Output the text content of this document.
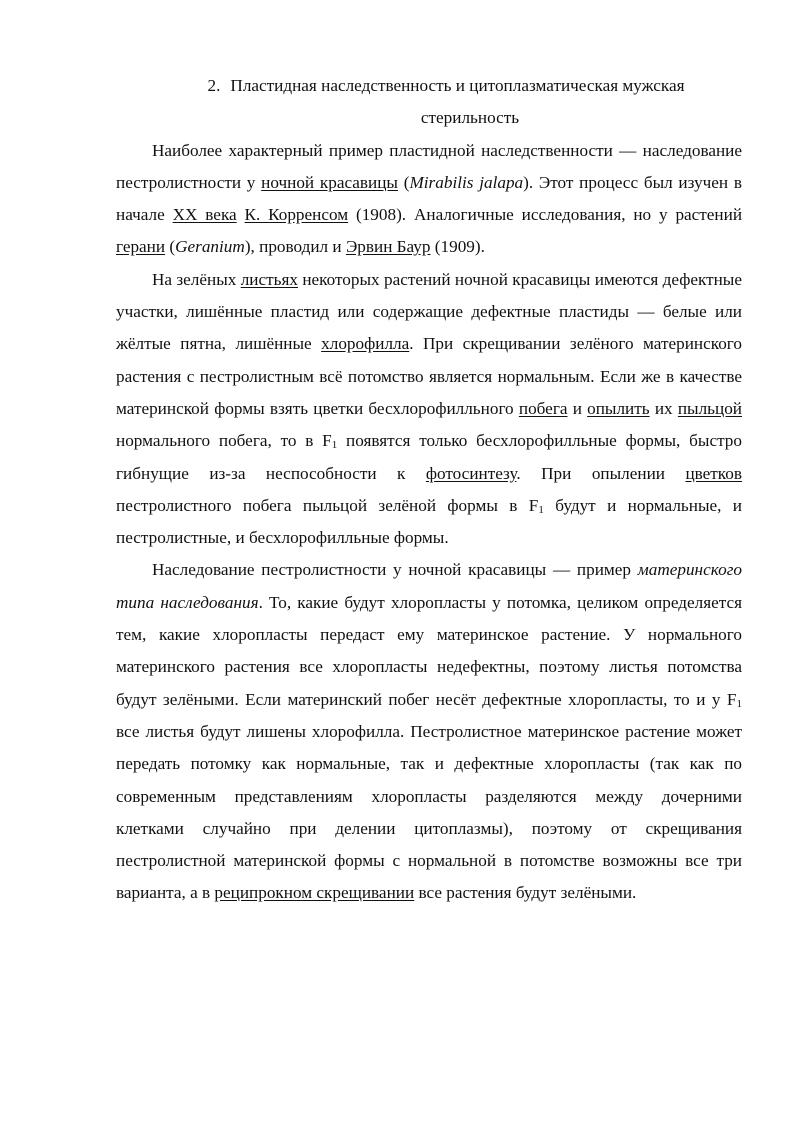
2. Пластидная наследственность и цитоплазматическая мужская
стерильность

Наиболее характерный пример пластидной наследственности — наследование пестролистности у ночной красавицы (Mirabilis jalapa). Этот процесс был изучен в начале XX века К. Корренсом (1908). Аналогичные исследования, но у растений герани (Geranium), проводил и Эрвин Баур (1909).

На зелёных листьях некоторых растений ночной красавицы имеются дефектные участки, лишённые пластид или содержащие дефектные пластиды — белые или жёлтые пятна, лишённые хлорофилла. При скрещивании зелёного материнского растения с пестролистным всё потомство является нормальным. Если же в качестве материнской формы взять цветки бесхлорофилльного побега и опылить их пыльцой нормального побега, то в $F_1$ появятся только бесхлорофилльные формы, быстро гибнущие из-за неспособности к фотосинтезу. При опылении цветков пестролистного побега пыльцой зелёной формы в $F_1$ будут и нормальные, и пестролистные, и бесхлорофилльные формы.

Наследование пестролистности у ночной красавицы — пример материнского типа наследования. То, какие будут хлоропласты у потомка, целиком определяется тем, какие хлоропласты передаст ему материнское растение. У нормального материнского растения все хлоропласты недефектны, поэтому листья потомства будут зелёными. Если материнский побег несёт дефектные хлоропласты, то и у $F_1$ все листья будут лишены хлорофилла. Пестролистное материнское растение может передать потомку как нормальные, так и дефектные хлоропласты (так как по современным представлениям хлоропласты разделяются между дочерними клетками случайно при делении цитоплазмы), поэтому от скрещивания пестролистной материнской формы с нормальной в потомстве возможны все три варианта, а в реципрокном скрещивании все растения будут зелёными.
